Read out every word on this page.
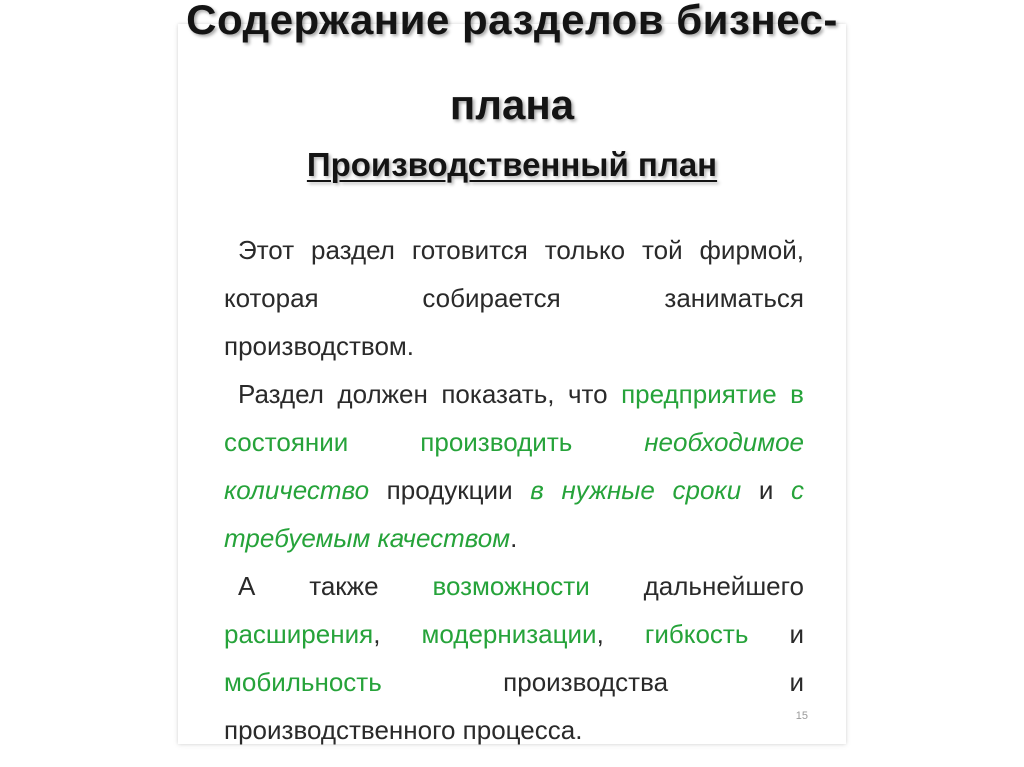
Содержание разделов бизнес-
плана
Производственный план

Этот раздел готовится только той фирмой, которая собирается заниматься производством.

Раздел должен показать, что предприятие в состоянии производить	необходимое количество продукции в нужные сроки и с требуемым качеством.

А также возможности дальнейшего расширения, модернизации, гибкость и мобильность производства и производственного процесса.	15
